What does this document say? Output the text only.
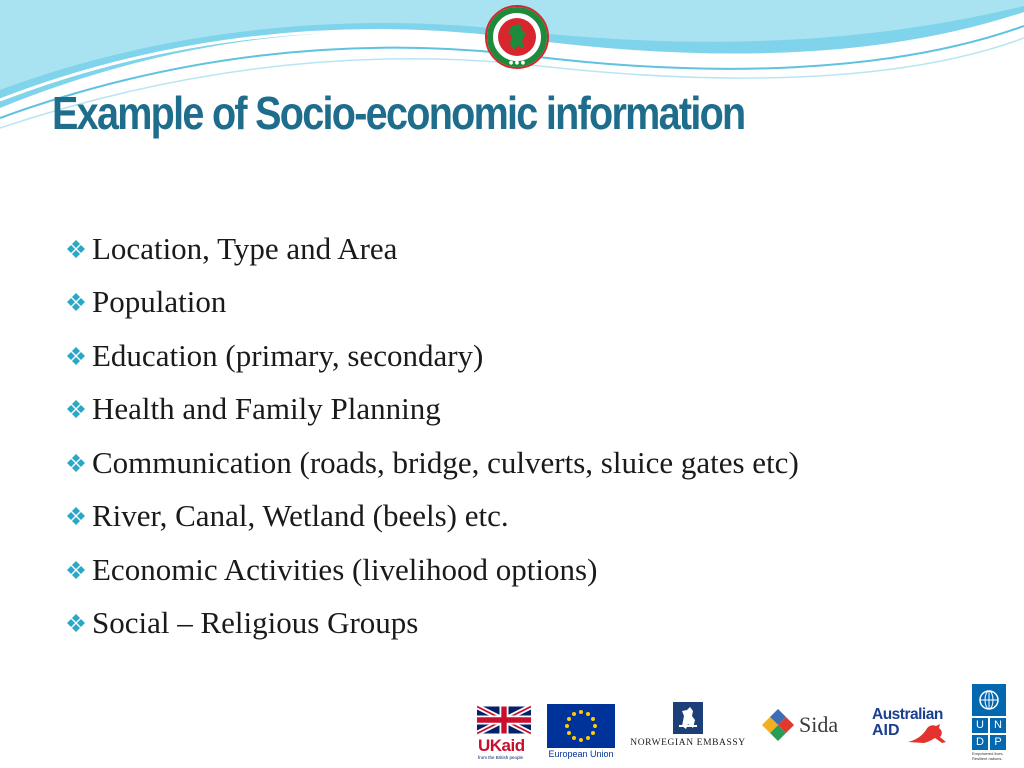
● ● ●
Example of Socio-economic information
Location, Type and Area
Population
Education (primary, secondary)
Health and Family Planning
Communication (roads, bridge, culverts, sluice gates etc)
River, Canal, Wetland (beels) etc.
Economic Activities (livelihood options)
Social – Religious Groups
UKaid
from the British people	European Union
NORWEGIAN EMBASSY
Sida Australian
AID	U N
D P
Empowered lives. Resilient nations.
